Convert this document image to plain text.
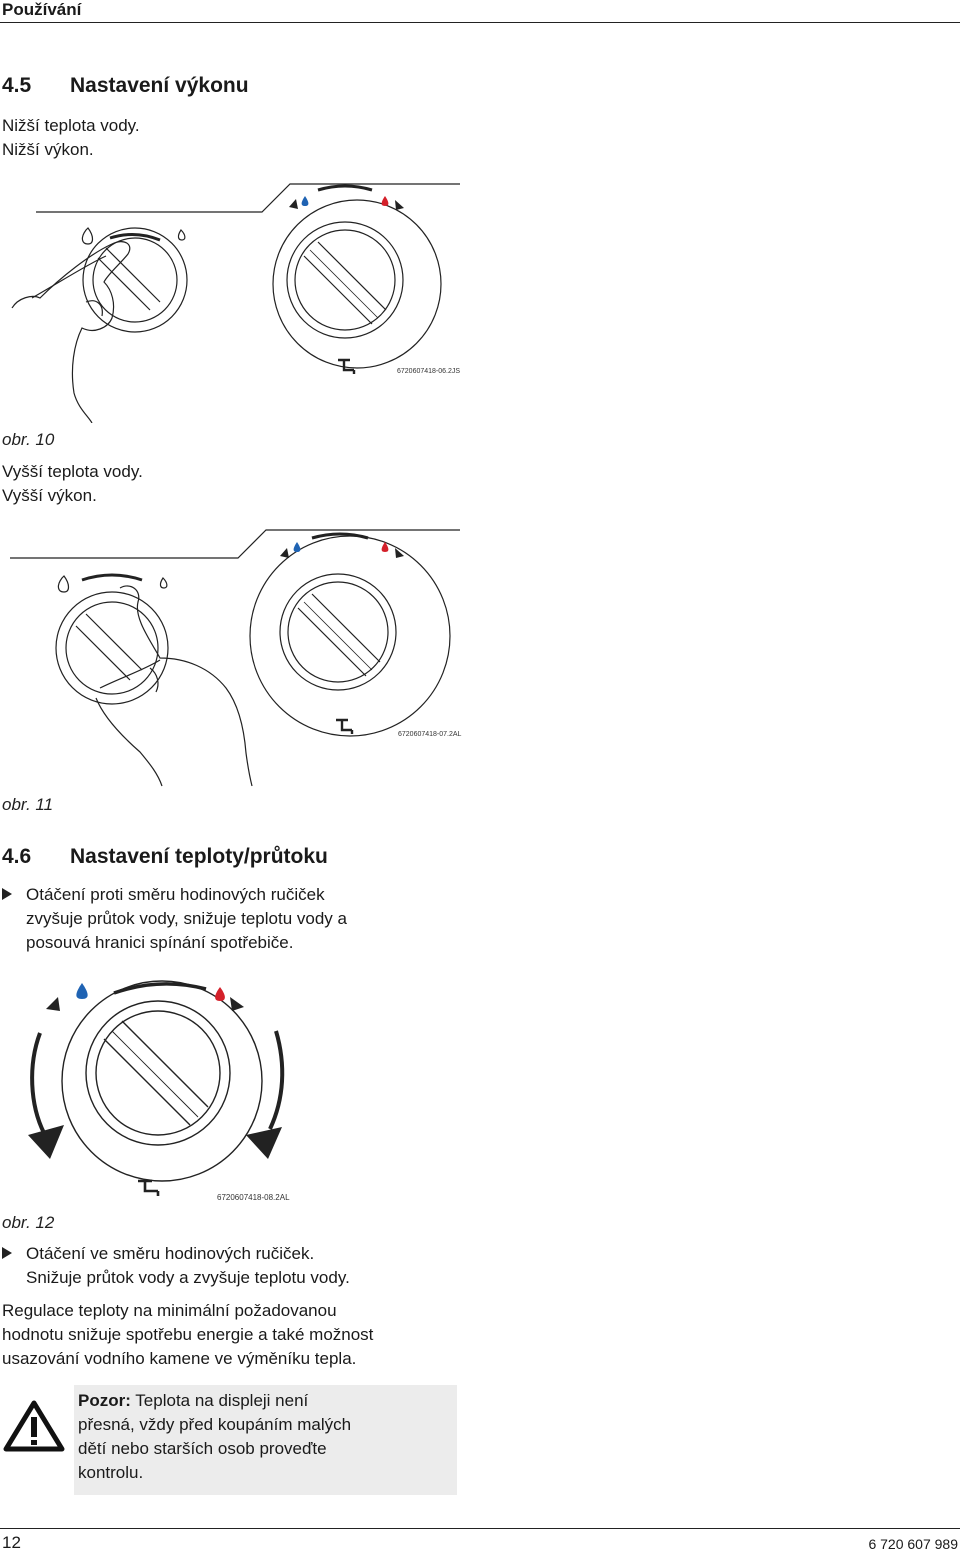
Používání
4.5 Nastavení výkonu
Nižší teplota vody.
Nižší výkon.
6720607418-06.2JS
obr. 10
Vyšší teplota vody.
Vyšší výkon.
6720607418-07.2AL
obr. 11
4.6 Nastavení teploty/průtoku
Otáčení proti směru hodinových ručiček
zvyšuje průtok vody, snižuje teplotu vody a
posouvá hranici spínání spotřebiče.
6720607418-08.2AL
obr. 12
Otáčení ve směru hodinových ručiček.
Snižuje průtok vody a zvyšuje teplotu vody.
Regulace teploty na minimální požadovanou
hodnotu snižuje spotřebu energie a také možnost
usazování vodního kamene ve výměníku tepla.
Pozor: Teplota na displeji není
přesná, vždy před koupáním malých
dětí nebo starších osob proveďte
kontrolu.
12	6 720 607 989
